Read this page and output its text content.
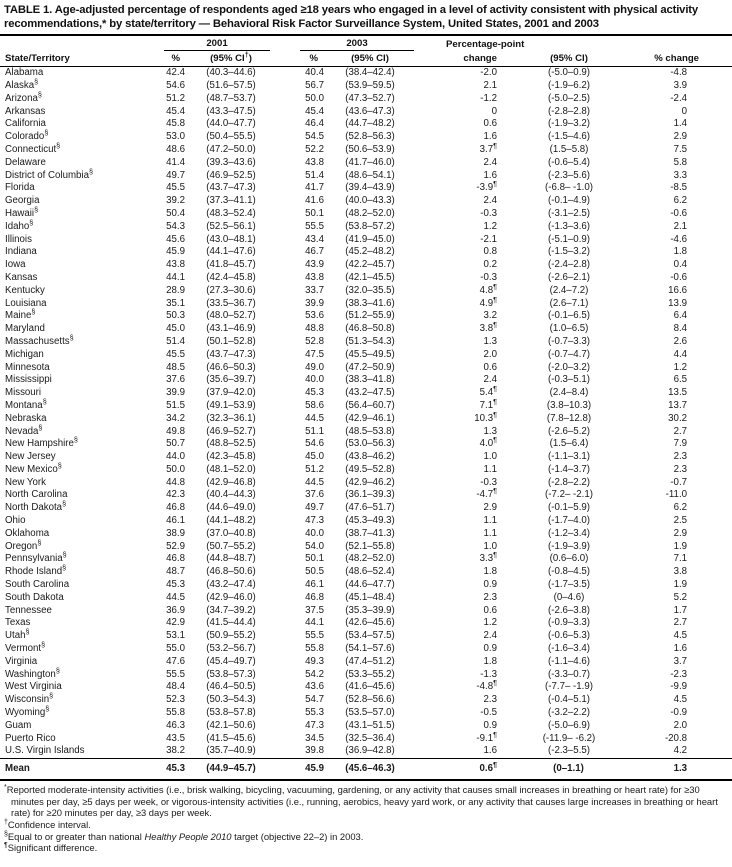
TABLE 1. Age-adjusted percentage of respondents aged ≥18 years who engaged in a level of activity consistent with physical activity recommendations,* by state/territory — Behavioral Risk Factor Surveillance System, United States, 2001 and 2003
State/Territory	2001		2003		Percentage-point		
	%	(95% CI†)	%	(95% CI)	change	(95% CI)	% change
Alabama	42.4	(40.3–44.6)	40.4	(38.4–42.4)	-2.0	(-5.0–0.9)	-4.8
Alaska§	54.6	(51.6–57.5)	56.7	(53.9–59.5)	2.1	(-1.9–6.2)	3.9
Arizona§	51.2	(48.7–53.7)	50.0	(47.3–52.7)	-1.2	(-5.0–2.5)	-2.4
Arkansas	45.4	(43.3–47.5)	45.4	(43.6–47.3)	0	(-2.8–2.8)	0
California	45.8	(44.0–47.7)	46.4	(44.7–48.2)	0.6	(-1.9–3.2)	1.4
Colorado§	53.0	(50.4–55.5)	54.5	(52.8–56.3)	1.6	(-1.5–4.6)	2.9
Connecticut§	48.6	(47.2–50.0)	52.2	(50.6–53.9)	3.7¶	(1.5–5.8)	7.5
Delaware	41.4	(39.3–43.6)	43.8	(41.7–46.0)	2.4	(-0.6–5.4)	5.8
District of Columbia§	49.7	(46.9–52.5)	51.4	(48.6–54.1)	1.6	(-2.3–5.6)	3.3
Florida	45.5	(43.7–47.3)	41.7	(39.4–43.9)	-3.9¶	(-6.8– -1.0)	-8.5
Georgia	39.2	(37.3–41.1)	41.6	(40.0–43.3)	2.4	(-0.1–4.9)	6.2
Hawaii§	50.4	(48.3–52.4)	50.1	(48.2–52.0)	-0.3	(-3.1–2.5)	-0.6
Idaho§	54.3	(52.5–56.1)	55.5	(53.8–57.2)	1.2	(-1.3–3.6)	2.1
Illinois	45.6	(43.0–48.1)	43.4	(41.9–45.0)	-2.1	(-5.1–0.9)	-4.6
Indiana	45.9	(44.1–47.6)	46.7	(45.2–48.2)	0.8	(-1.5–3.2)	1.8
Iowa	43.8	(41.8–45.7)	43.9	(42.2–45.7)	0.2	(-2.4–2.8)	0.4
Kansas	44.1	(42.4–45.8)	43.8	(42.1–45.5)	-0.3	(-2.6–2.1)	-0.6
Kentucky	28.9	(27.3–30.6)	33.7	(32.0–35.5)	4.8¶	(2.4–7.2)	16.6
Louisiana	35.1	(33.5–36.7)	39.9	(38.3–41.6)	4.9¶	(2.6–7.1)	13.9
Maine§	50.3	(48.0–52.7)	53.6	(51.2–55.9)	3.2	(-0.1–6.5)	6.4
Maryland	45.0	(43.1–46.9)	48.8	(46.8–50.8)	3.8¶	(1.0–6.5)	8.4
Massachusetts§	51.4	(50.1–52.8)	52.8	(51.3–54.3)	1.3	(-0.7–3.3)	2.6
Michigan	45.5	(43.7–47.3)	47.5	(45.5–49.5)	2.0	(-0.7–4.7)	4.4
Minnesota	48.5	(46.6–50.3)	49.0	(47.2–50.9)	0.6	(-2.0–3.2)	1.2
Mississippi	37.6	(35.6–39.7)	40.0	(38.3–41.8)	2.4	(-0.3–5.1)	6.5
Missouri	39.9	(37.9–42.0)	45.3	(43.2–47.5)	5.4¶	(2.4–8.4)	13.5
Montana§	51.5	(49.1–53.9)	58.6	(56.4–60.7)	7.1¶	(3.8–10.3)	13.7
Nebraska	34.2	(32.3–36.1)	44.5	(42.9–46.1)	10.3¶	(7.8–12.8)	30.2
Nevada§	49.8	(46.9–52.7)	51.1	(48.5–53.8)	1.3	(-2.6–5.2)	2.7
New Hampshire§	50.7	(48.8–52.5)	54.6	(53.0–56.3)	4.0¶	(1.5–6.4)	7.9
New Jersey	44.0	(42.3–45.8)	45.0	(43.8–46.2)	1.0	(-1.1–3.1)	2.3
New Mexico§	50.0	(48.1–52.0)	51.2	(49.5–52.8)	1.1	(-1.4–3.7)	2.3
New York	44.8	(42.9–46.8)	44.5	(42.9–46.2)	-0.3	(-2.8–2.2)	-0.7
North Carolina	42.3	(40.4–44.3)	37.6	(36.1–39.3)	-4.7¶	(-7.2– -2.1)	-11.0
North Dakota§	46.8	(44.6–49.0)	49.7	(47.6–51.7)	2.9	(-0.1–5.9)	6.2
Ohio	46.1	(44.1–48.2)	47.3	(45.3–49.3)	1.1	(-1.7–4.0)	2.5
Oklahoma	38.9	(37.0–40.8)	40.0	(38.7–41.3)	1.1	(-1.2–3.4)	2.9
Oregon§	52.9	(50.7–55.2)	54.0	(52.1–55.8)	1.0	(-1.9–3.9)	1.9
Pennsylvania§	46.8	(44.8–48.7)	50.1	(48.2–52.0)	3.3¶	(0.6–6.0)	7.1
Rhode Island§	48.7	(46.8–50.6)	50.5	(48.6–52.4)	1.8	(-0.8–4.5)	3.8
South Carolina	45.3	(43.2–47.4)	46.1	(44.6–47.7)	0.9	(-1.7–3.5)	1.9
South Dakota	44.5	(42.9–46.0)	46.8	(45.1–48.4)	2.3	(0–4.6)	5.2
Tennessee	36.9	(34.7–39.2)	37.5	(35.3–39.9)	0.6	(-2.6–3.8)	1.7
Texas	42.9	(41.5–44.4)	44.1	(42.6–45.6)	1.2	(-0.9–3.3)	2.7
Utah§	53.1	(50.9–55.2)	55.5	(53.4–57.5)	2.4	(-0.6–5.3)	4.5
Vermont§	55.0	(53.2–56.7)	55.8	(54.1–57.6)	0.9	(-1.6–3.4)	1.6
Virginia	47.6	(45.4–49.7)	49.3	(47.4–51.2)	1.8	(-1.1–4.6)	3.7
Washington§	55.5	(53.8–57.3)	54.2	(53.3–55.2)	-1.3	(-3.3–0.7)	-2.3
West Virginia	48.4	(46.4–50.5)	43.6	(41.6–45.6)	-4.8¶	(-7.7– -1.9)	-9.9
Wisconsin§	52.3	(50.3–54.3)	54.7	(52.8–56.6)	2.3	(-0.4–5.1)	4.5
Wyoming§	55.8	(53.8–57.8)	55.3	(53.5–57.0)	-0.5	(-3.2–2.2)	-0.9
Guam	46.3	(42.1–50.6)	47.3	(43.1–51.5)	0.9	(-5.0–6.9)	2.0
Puerto Rico	43.5	(41.5–45.6)	34.5	(32.5–36.4)	-9.1¶	(-11.9– -6.2)	-20.8
U.S. Virgin Islands	38.2	(35.7–40.9)	39.8	(36.9–42.8)	1.6	(-2.3–5.5)	4.2
Mean	45.3	(44.9–45.7)	45.9	(45.6–46.3)	0.6¶	(0–1.1)	1.3
*Reported moderate-intensity activities (i.e., brisk walking, bicycling, vacuuming, gardening, or any activity that causes small increases in breathing or heart rate) for ≥30 minutes per day, ≥5 days per week, or vigorous-intensity activities (i.e., running, aerobics, heavy yard work, or any activity that causes large increases in breathing or heart rate) for ≥20 minutes per day, ≥3 days per week.
†Confidence interval.
§Equal to or greater than national Healthy People 2010 target (objective 22–2) in 2003.
¶Significant difference.
